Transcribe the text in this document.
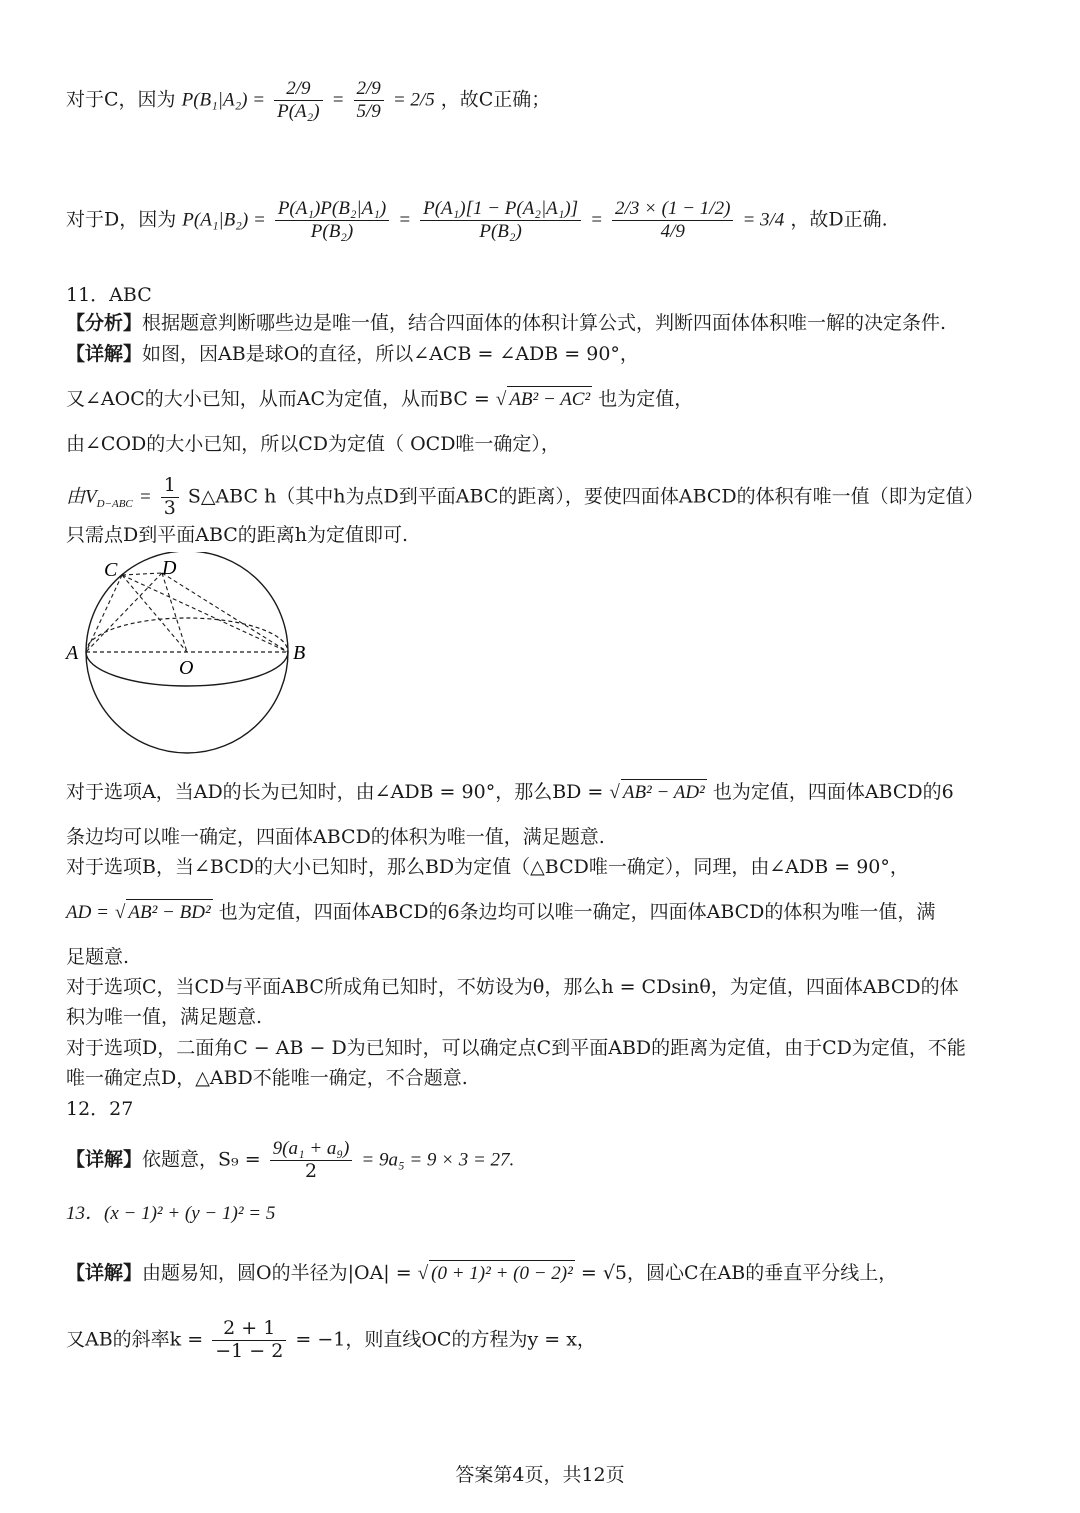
对于C，因为 $P(B_1|A_2) = \frac{2/9}{\text{P(A₂)}} = \frac{2/9}{5/9} = 2/5$ ，故C正确；
对于D，因为 $P(A_1|B_2) = \frac{\text{P(A₁)P(B₂|A₁)}}{\text{P(B₂)}} = \frac{\text{P(A₁)[1 − P(A₂|A₁)]}}{\text{P(B₂)}} = \frac{2/3 \times (1 - 1/2)}{4/9} = 3/4$ ，故D正确.
11．ABC
【分析】根据题意判断哪些边是唯一值，结合四面体的体积计算公式，判断四面体体积唯一解的决定条件.
【详解】如图，因AB是球O的直径，所以∠ACB = ∠ADB = 90°，
又∠AOC的大小已知，从而AC为定值，从而BC = √ AB² − AC² 也为定值，
由∠COD的大小已知，所以CD为定值（ OCD唯一确定），
由$V_{D-ABC} = \frac{1}{3}$ S△ABC h（其中h为点D到平面ABC的距离），要使四面体ABCD的体积有唯一值（即为定值）
只需点D到平面ABC的距离h为定值即可.
C D
A	B
O
对于选项A，当AD的长为已知时，由∠ADB = 90°，那么BD = √ AB² − AD² 也为定值，四面体ABCD的6
条边均可以唯一确定，四面体ABCD的体积为唯一值，满足题意.
对于选项B，当∠BCD的大小已知时，那么BD为定值（△BCD唯一确定），同理，由∠ADB = 90°，
AD = √ AB² − BD² 也为定值，四面体ABCD的6条边均可以唯一确定，四面体ABCD的体积为唯一值，满
足题意.
对于选项C，当CD与平面ABC所成角已知时，不妨设为θ，那么h = CDsinθ，为定值，四面体ABCD的体
积为唯一值，满足题意.
对于选项D，二面角C − AB − D为已知时，可以确定点C到平面ABD的距离为定值，由于CD为定值，不能
唯一确定点D，△ABD不能唯一确定，不合题意.
12．27
【详解】依题意，$S_9 = \frac{\text{9(a₁ + a₉)}}{2} = 9a_5 = 9 \times 3 = 27$.
13．(x − 1)² + (y − 1)² = 5
【详解】由题易知，圆O的半径为|OA| = √ (0 + 1)² + (0 − 2)² = √5，圆心C在AB的垂直平分线上，
又AB的斜率$k = \frac{2 + 1}{-1 - 2} = -1$，则直线OC的方程为y = x，
答案第4页，共12页
